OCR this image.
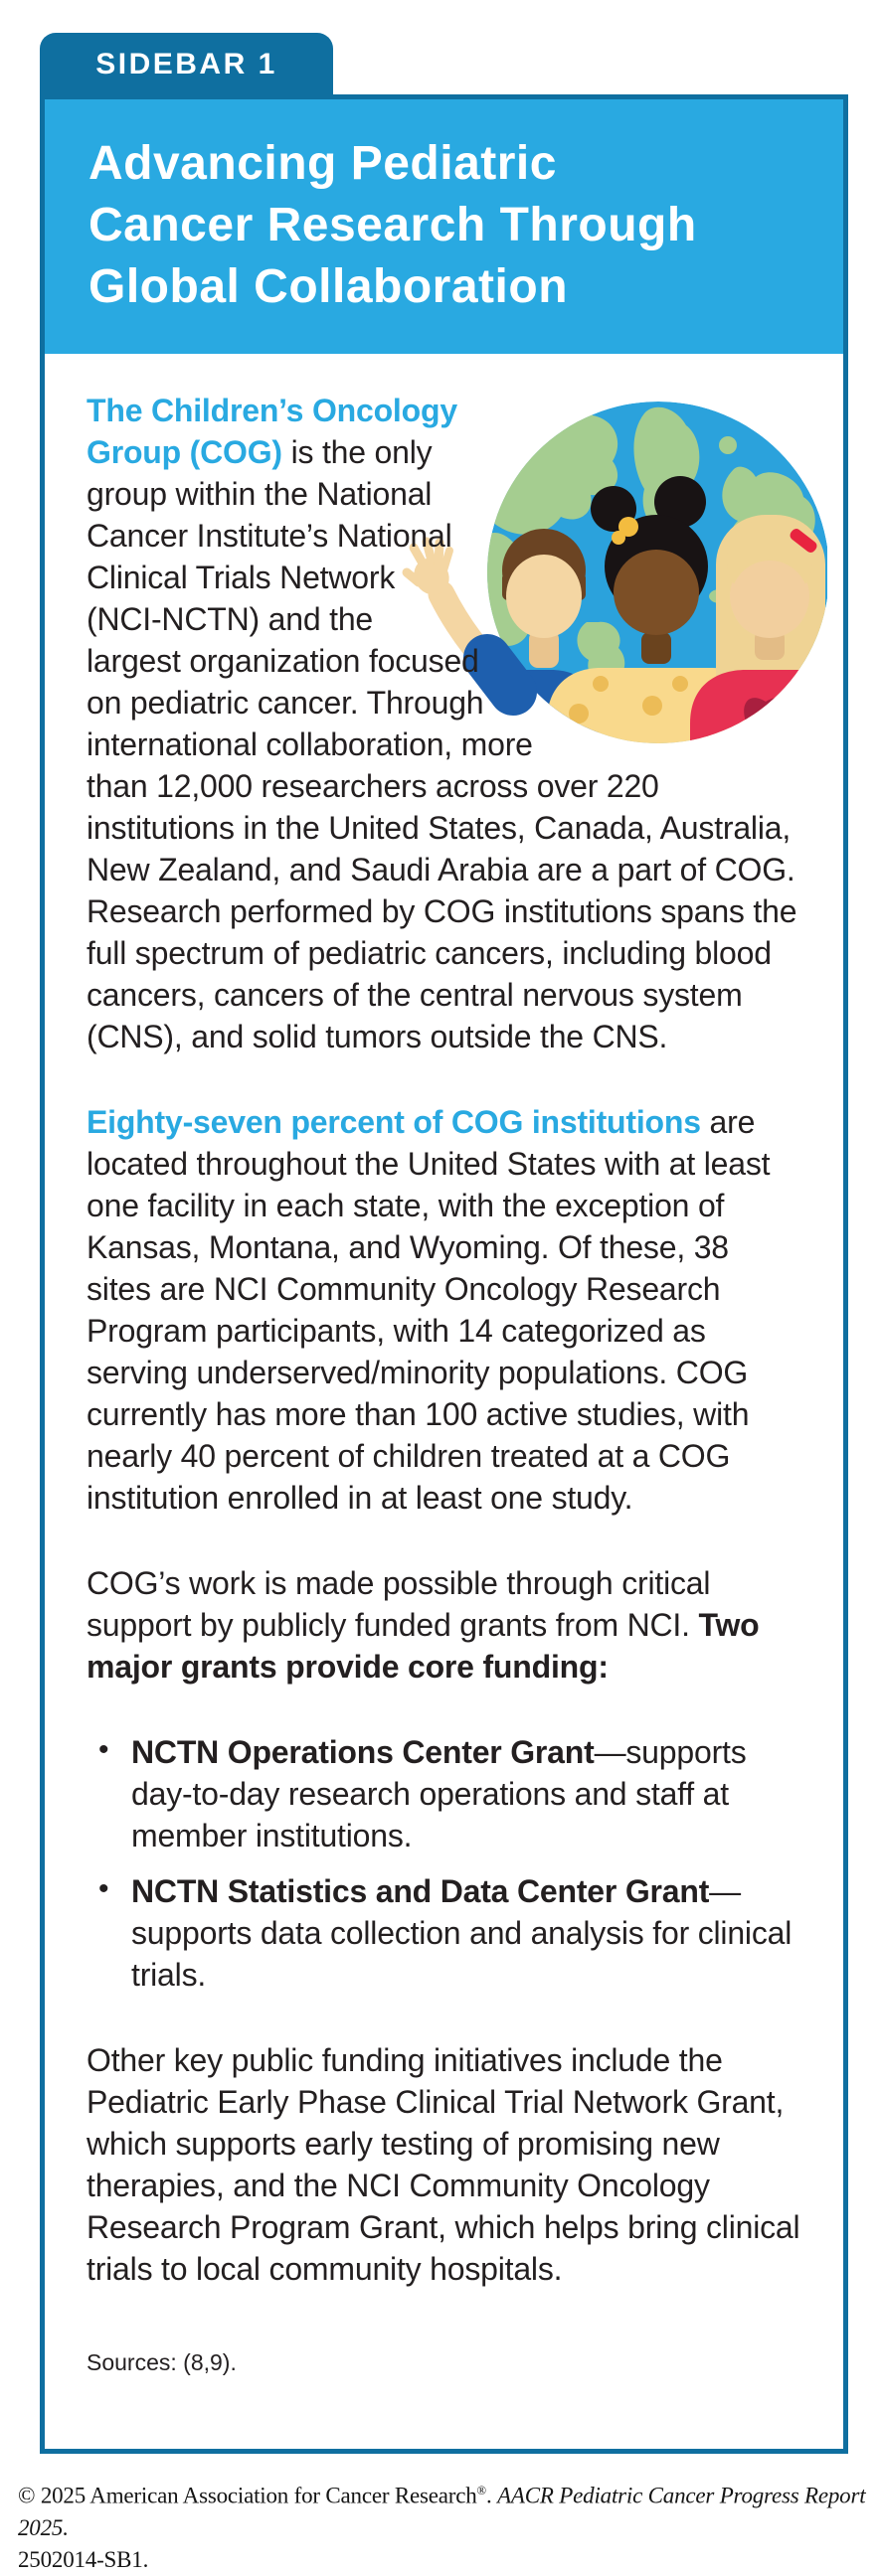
SIDEBAR 1
Advancing Pediatric
Cancer Research Through
Global Collaboration

The Children’s Oncology Group (COG) is the only group within the National Cancer Institute’s National Clinical Trials Network (NCI-NCTN) and the largest organization focused on pediatric cancer. Through international collaboration, more than 12,000 researchers across over 220 institutions in the United States, Canada, Australia, New Zealand, and Saudi Arabia are a part of COG. Research performed by COG institutions spans the full spectrum of pediatric cancers, including blood cancers, cancers of the central nervous system (CNS), and solid tumors outside the CNS.

Eighty-seven percent of COG institutions are located throughout the United States with at least one facility in each state, with the exception of Kansas, Montana, and Wyoming. Of these, 38 sites are NCI Community Oncology Research Program participants, with 14 categorized as serving underserved/minority populations. COG currently has more than 100 active studies, with nearly 40 percent of children treated at a COG institution enrolled in at least one study.

COG’s work is made possible through critical support by publicly funded grants from NCI. Two major grants provide core funding:

• NCTN Operations Center Grant—supports day-to-day research operations and staff at member institutions.
• NCTN Statistics and Data Center Grant—supports data collection and analysis for clinical trials.

Other key public funding initiatives include the Pediatric Early Phase Clinical Trial Network Grant, which supports early testing of promising new therapies, and the NCI Community Oncology Research Program Grant, which helps bring clinical trials to local community hospitals.

Sources: (8,9).
© 2025 American Association for Cancer Research®. AACR Pediatric Cancer Progress Report 2025.
2502014-SB1.
